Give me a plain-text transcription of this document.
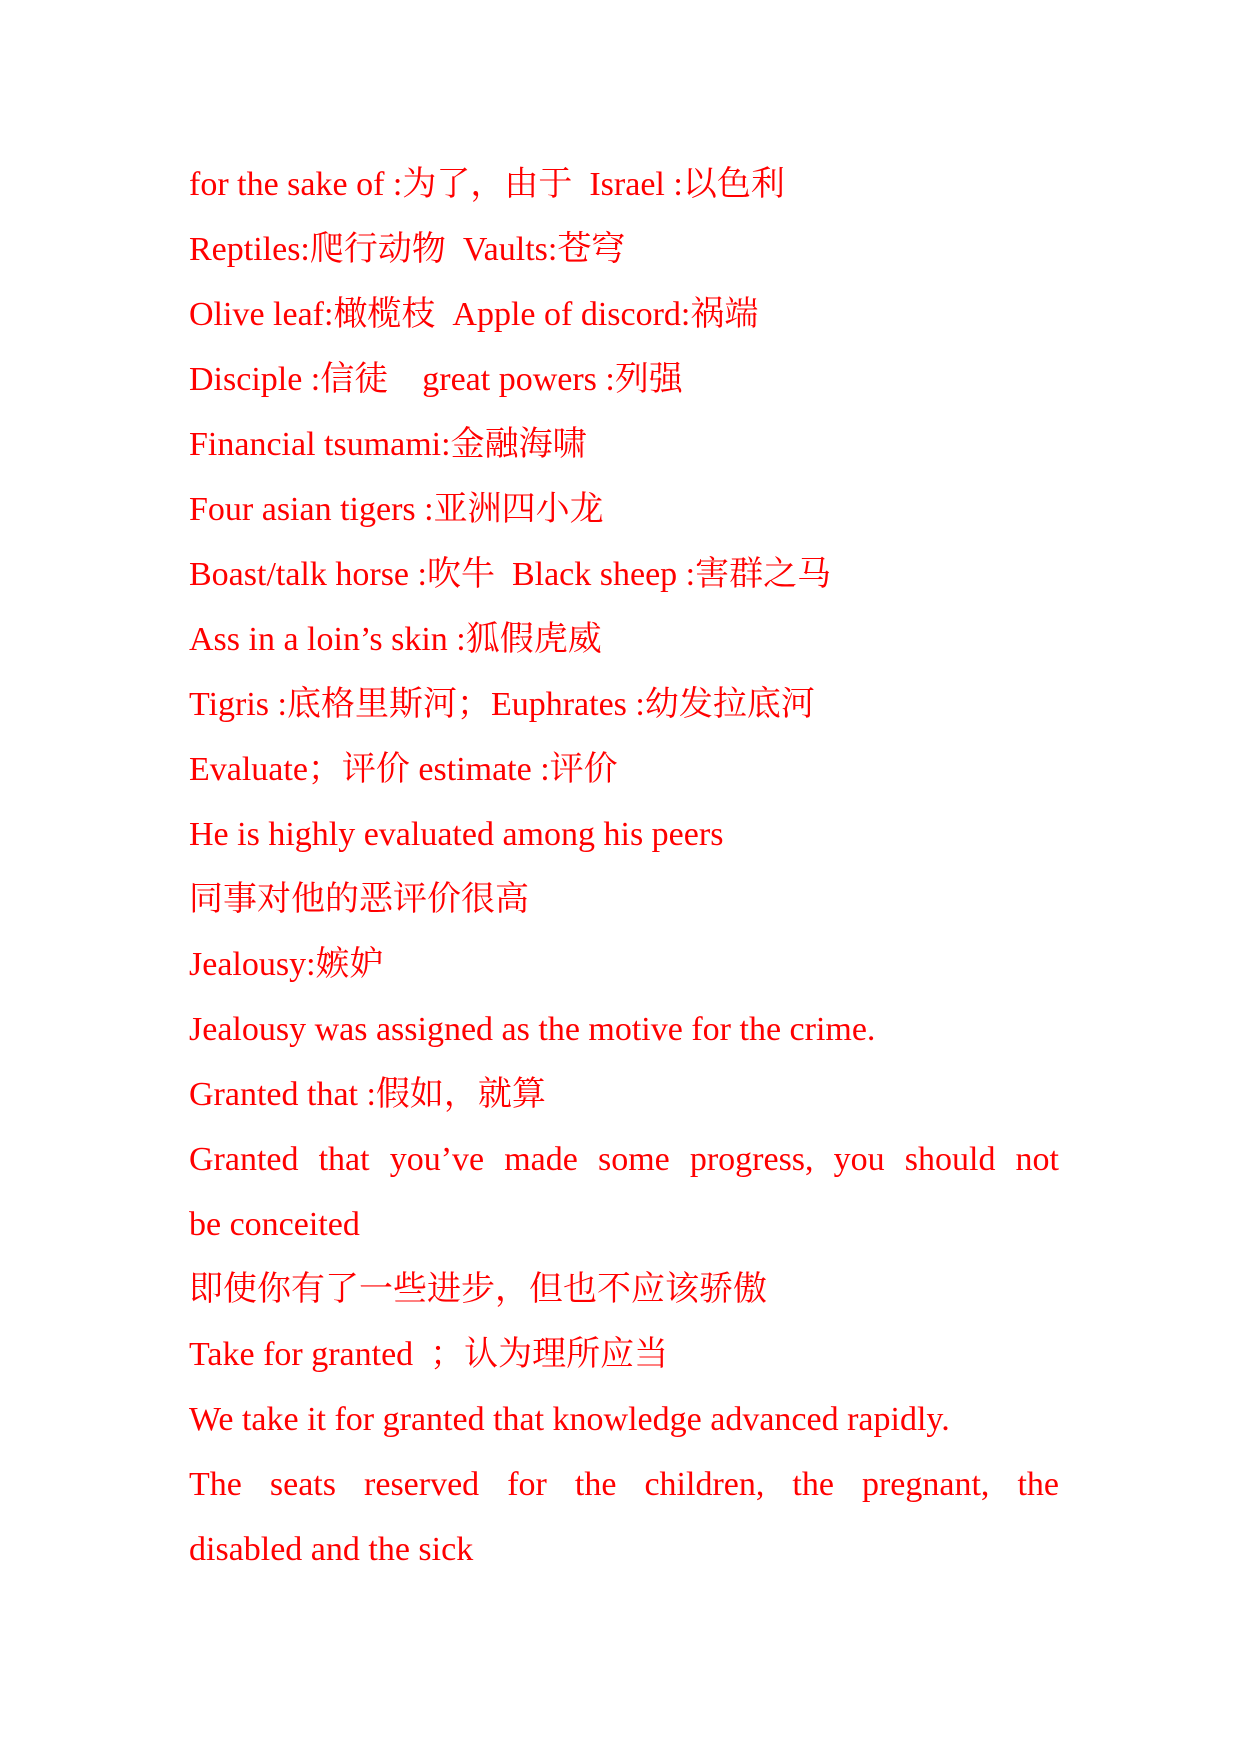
for the sake of :为了，由于  Israel :以色利
Reptiles:爬行动物  Vaults:苍穹
Olive leaf:橄榄枝  Apple of discord:祸端
Disciple :信徒    great powers :列强
Financial tsumami:金融海啸
Four asian tigers :亚洲四小龙
Boast/talk horse :吹牛  Black sheep :害群之马
Ass in a loin’s skin :狐假虎威
Tigris :底格里斯河；Euphrates :幼发拉底河
Evaluate；评价 estimate :评价
He is highly evaluated among his peers
同事对他的恶评价很高
Jealousy:嫉妒
Jealousy was assigned as the motive for the crime.
Granted that :假如，就算
Granted that you’ve made some progress, you should not
be conceited
即使你有了一些进步，但也不应该骄傲
Take for granted  ；认为理所应当
We take it for granted that knowledge advanced rapidly.
The seats reserved for the children, the pregnant, the
disabled and the sick
